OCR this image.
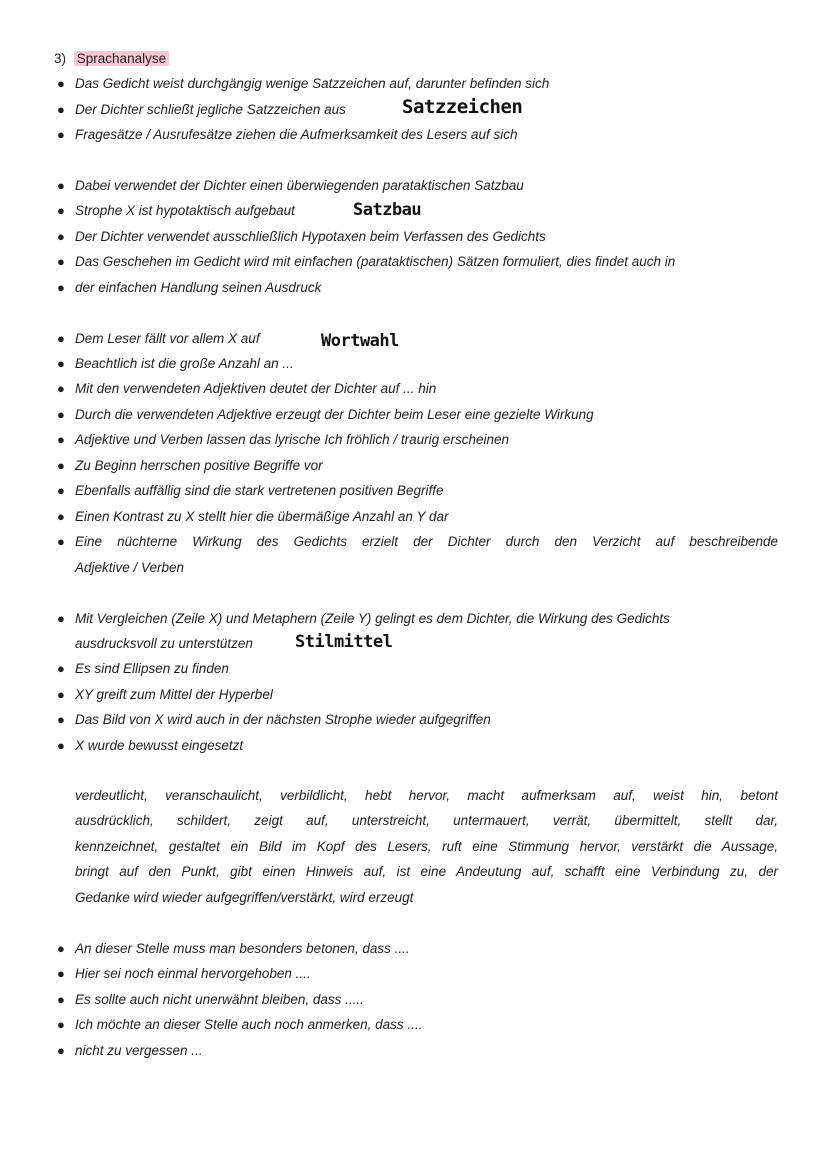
3) Sprachanalyse
● Das Gedicht weist durchgängig wenige Satzzeichen auf, darunter befinden sich
● Der Dichter schließt jegliche Satzzeichen aus	Satzzeichen
● Fragesätze / Ausrufesätze ziehen die Aufmerksamkeit des Lesers auf sich
● Dabei verwendet der Dichter einen überwiegenden parataktischen Satzbau
● Strophe X ist hypotaktisch aufgebaut	Satzbau
● Der Dichter verwendet ausschließlich Hypotaxen beim Verfassen des Gedichts
● Das Geschehen im Gedicht wird mit einfachen (parataktischen) Sätzen formuliert, dies findet auch in
● der einfachen Handlung seinen Ausdruck
● Dem Leser fällt vor allem X auf	Wortwahl
● Beachtlich ist die große Anzahl an ...
● Mit den verwendeten Adjektiven deutet der Dichter auf ... hin
● Durch die verwendeten Adjektive erzeugt der Dichter beim Leser eine gezielte Wirkung
● Adjektive und Verben lassen das lyrische Ich fröhlich / traurig erscheinen
● Zu Beginn herrschen positive Begriffe vor
● Ebenfalls auffällig sind die stark vertretenen positiven Begriffe
● Einen Kontrast zu X stellt hier die übermäßige Anzahl an Y dar
● Eine nüchterne Wirkung des Gedichts erzielt der Dichter durch den Verzicht auf beschreibende
Adjektive / Verben
● Mit Vergleichen (Zeile X) und Metaphern (Zeile Y) gelingt es dem Dichter, die Wirkung des Gedichts
ausdrucksvoll zu unterstützen	Stilmittel
● Es sind Ellipsen zu finden
● XY greift zum Mittel der Hyperbel
● Das Bild von X wird auch in der nächsten Strophe wieder aufgegriffen
● X wurde bewusst eingesetzt
verdeutlicht, veranschaulicht, verbildlicht, hebt hervor, macht aufmerksam auf, weist hin, betont
ausdrücklich, schildert, zeigt auf, unterstreicht, untermauert, verrät, übermittelt, stellt dar,
kennzeichnet, gestaltet ein Bild im Kopf des Lesers, ruft eine Stimmung hervor, verstärkt die Aussage,
bringt auf den Punkt, gibt einen Hinweis auf, ist eine Andeutung auf, schafft eine Verbindung zu, der
Gedanke wird wieder aufgegriffen/verstärkt, wird erzeugt
● An dieser Stelle muss man besonders betonen, dass ....
● Hier sei noch einmal hervorgehoben ....
● Es sollte auch nicht unerwähnt bleiben, dass .....
● Ich möchte an dieser Stelle auch noch anmerken, dass ....
● nicht zu vergessen ...
